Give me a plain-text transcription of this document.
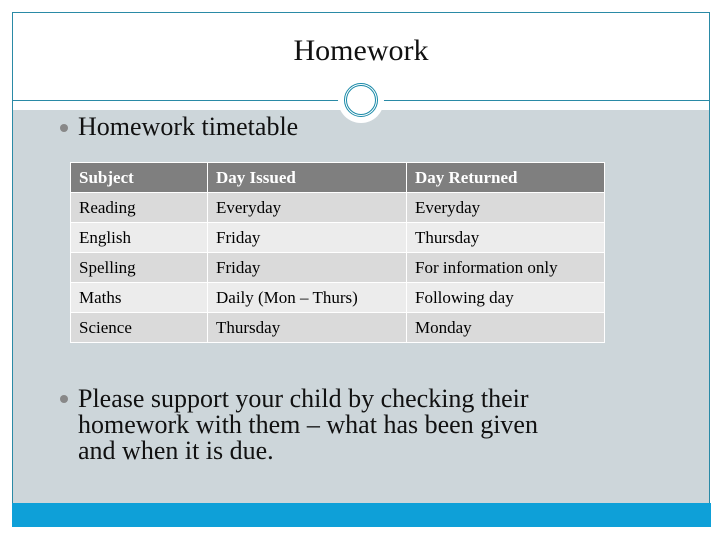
Homework
Homework timetable
Subject	Day Issued	Day Returned
Reading	Everyday	Everyday
English	Friday	Thursday
Spelling	Friday	For information only
Maths	Daily (Mon – Thurs)	Following day
Science	Thursday	Monday
Please support your child by checking their
homework with them – what has been given
and when it is due.
